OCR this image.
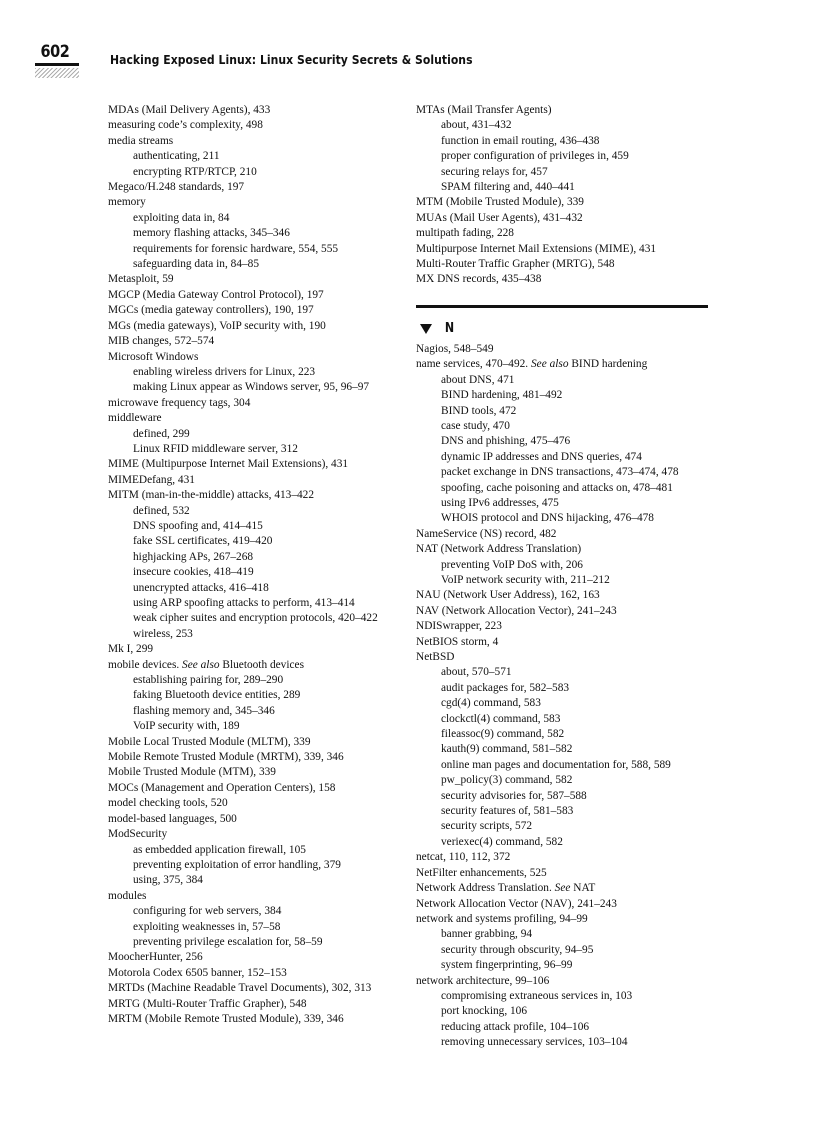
602	Hacking Exposed Linux: Linux Security Secrets & Solutions
MDAs (Mail Delivery Agents), 433
measuring code’s complexity, 498
media streams
authenticating, 211
encrypting RTP/RTCP, 210
Megaco/H.248 standards, 197
memory
exploiting data in, 84
memory flashing attacks, 345–346
requirements for forensic hardware, 554, 555
safeguarding data in, 84–85
Metasploit, 59
MGCP (Media Gateway Control Protocol), 197
MGCs (media gateway controllers), 190, 197
MGs (media gateways), VoIP security with, 190
MIB changes, 572–574
Microsoft Windows
enabling wireless drivers for Linux, 223
making Linux appear as Windows server, 95, 96–97
microwave frequency tags, 304
middleware
defined, 299
Linux RFID middleware server, 312
MIME (Multipurpose Internet Mail Extensions), 431
MIMEDefang, 431
MITM (man-in-the-middle) attacks, 413–422
defined, 532
DNS spoofing and, 414–415
fake SSL certificates, 419–420
highjacking APs, 267–268
insecure cookies, 418–419
unencrypted attacks, 416–418
using ARP spoofing attacks to perform, 413–414
weak cipher suites and encryption protocols, 420–422
wireless, 253
Mk I, 299
mobile devices. See also Bluetooth devices
establishing pairing for, 289–290
faking Bluetooth device entities, 289
flashing memory and, 345–346
VoIP security with, 189
Mobile Local Trusted Module (MLTM), 339
Mobile Remote Trusted Module (MRTM), 339, 346
Mobile Trusted Module (MTM), 339
MOCs (Management and Operation Centers), 158
model checking tools, 520
model-based languages, 500
ModSecurity
as embedded application firewall, 105
preventing exploitation of error handling, 379
using, 375, 384
modules
configuring for web servers, 384
exploiting weaknesses in, 57–58
preventing privilege escalation for, 58–59
MoocherHunter, 256
Motorola Codex 6505 banner, 152–153
MRTDs (Machine Readable Travel Documents), 302, 313
MRTG (Multi-Router Traffic Grapher), 548
MRTM (Mobile Remote Trusted Module), 339, 346
MTAs (Mail Transfer Agents)
about, 431–432
function in email routing, 436–438
proper configuration of privileges in, 459
securing relays for, 457
SPAM filtering and, 440–441
MTM (Mobile Trusted Module), 339
MUAs (Mail User Agents), 431–432
multipath fading, 228
Multipurpose Internet Mail Extensions (MIME), 431
Multi-Router Traffic Grapher (MRTG), 548
MX DNS records, 435–438
N
Nagios, 548–549
name services, 470–492. See also BIND hardening
about DNS, 471
BIND hardening, 481–492
BIND tools, 472
case study, 470
DNS and phishing, 475–476
dynamic IP addresses and DNS queries, 474
packet exchange in DNS transactions, 473–474, 478
spoofing, cache poisoning and attacks on, 478–481
using IPv6 addresses, 475
WHOIS protocol and DNS hijacking, 476–478
NameService (NS) record, 482
NAT (Network Address Translation)
preventing VoIP DoS with, 206
VoIP network security with, 211–212
NAU (Network User Address), 162, 163
NAV (Network Allocation Vector), 241–243
NDISwrapper, 223
NetBIOS storm, 4
NetBSD
about, 570–571
audit packages for, 582–583
cgd(4) command, 583
clockctl(4) command, 583
fileassoc(9) command, 582
kauth(9) command, 581–582
online man pages and documentation for, 588, 589
pw_policy(3) command, 582
security advisories for, 587–588
security features of, 581–583
security scripts, 572
veriexec(4) command, 582
netcat, 110, 112, 372
NetFilter enhancements, 525
Network Address Translation. See NAT
Network Allocation Vector (NAV), 241–243
network and systems profiling, 94–99
banner grabbing, 94
security through obscurity, 94–95
system fingerprinting, 96–99
network architecture, 99–106
compromising extraneous services in, 103
port knocking, 106
reducing attack profile, 104–106
removing unnecessary services, 103–104
